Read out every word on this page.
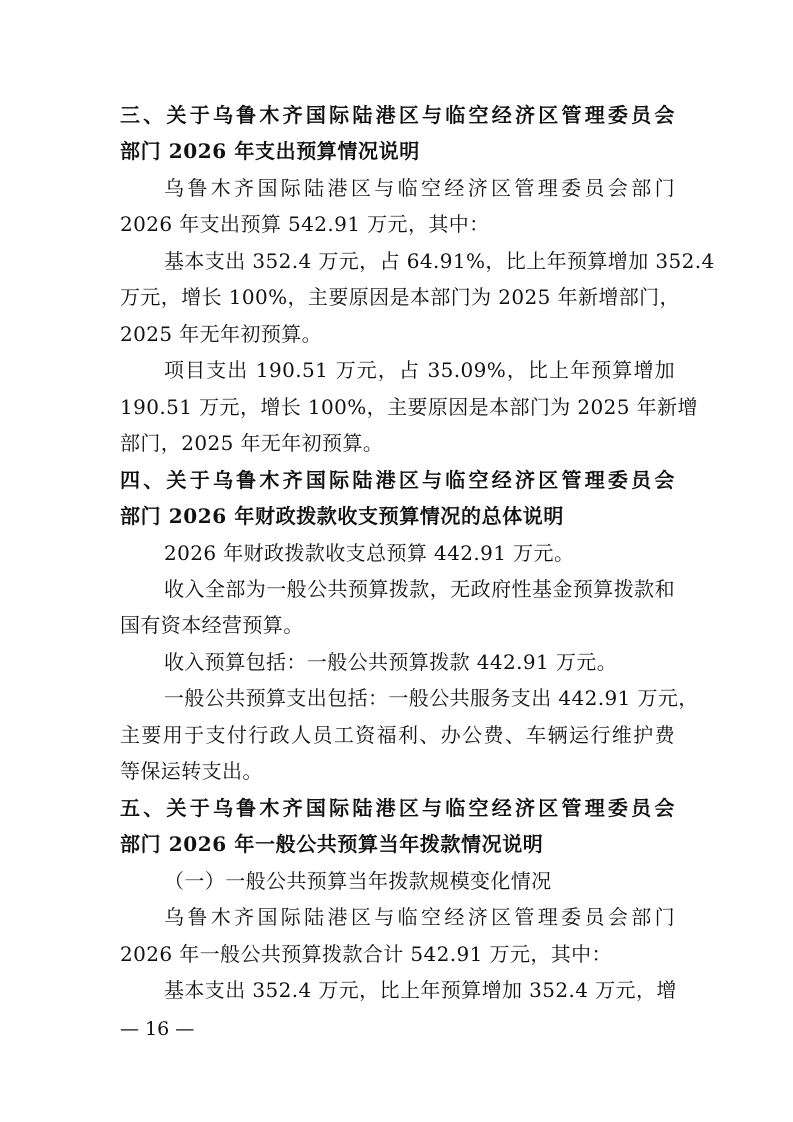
三、关于乌鲁木齐国际陆港区与临空经济区管理委员会
部门 2026 年支出预算情况说明
乌鲁木齐国际陆港区与临空经济区管理委员会部门
2026 年支出预算 542.91 万元，其中：
基本支出 352.4 万元，占 64.91%，比上年预算增加 352.4
万元，增长 100%，主要原因是本部门为 2025 年新增部门，
2025 年无年初预算。
项目支出 190.51 万元，占 35.09%，比上年预算增加
190.51 万元，增长 100%，主要原因是本部门为 2025 年新增
部门，2025 年无年初预算。
四、关于乌鲁木齐国际陆港区与临空经济区管理委员会
部门 2026 年财政拨款收支预算情况的总体说明
2026 年财政拨款收支总预算 442.91 万元。
收入全部为一般公共预算拨款，无政府性基金预算拨款和
国有资本经营预算。
收入预算包括：一般公共预算拨款 442.91 万元。
一般公共预算支出包括：一般公共服务支出 442.91 万元，
主要用于支付行政人员工资福利、办公费、车辆运行维护费
等保运转支出。
五、关于乌鲁木齐国际陆港区与临空经济区管理委员会
部门 2026 年一般公共预算当年拨款情况说明
（一）一般公共预算当年拨款规模变化情况
— 16 —
乌鲁木齐国际陆港区与临空经济区管理委员会部门
2026 年一般公共预算拨款合计 542.91 万元，其中：
基本支出 352.4 万元，比上年预算增加 352.4 万元，增
